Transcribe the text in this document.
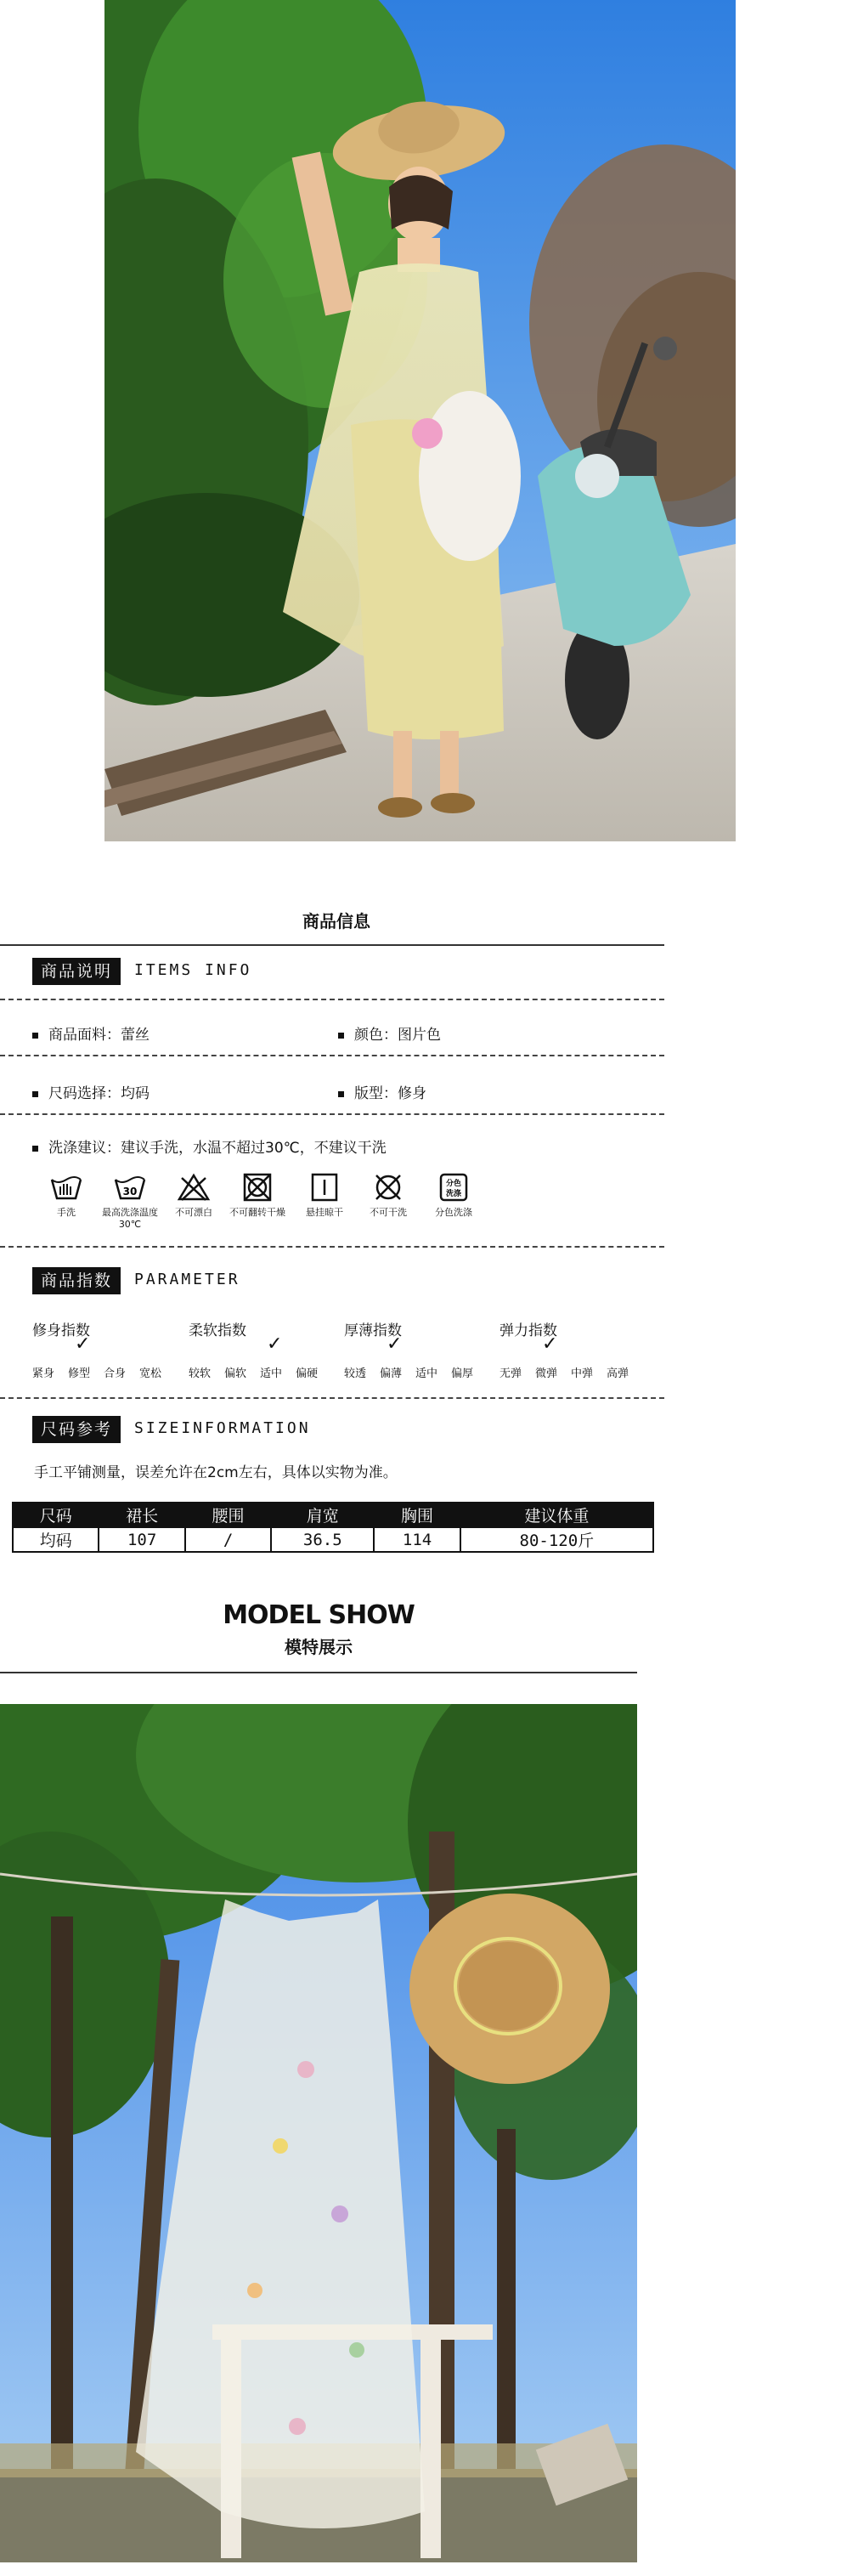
商品信息
商品说明	ITEMS INFO
商品面料：蕾丝	颜色：图片色
尺码选择：均码	版型：修身
洗涤建议：建议手洗，水温不超过30℃，不建议干洗
手洗
30
最高洗涤温度30℃
不可漂白	不可翻转干燥	悬挂晾干	不可干洗
分色
洗涤
分色洗涤
商品指数	PARAMETER
修身指数
✓
紧身 修型 合身 宽松
柔软指数
✓
较软 偏软 适中 偏硬
厚薄指数
✓
较透 偏薄 适中 偏厚
弹力指数
✓
无弹 微弹 中弹 高弹
尺码参考	SIZEINFORMATION
手工平铺测量，误差允许在2cm左右，具体以实物为准。
尺码	裙长	腰围	肩宽	胸围	建议体重
均码	107	/	36.5	114	80-120斤
MODEL SHOW
模特展示
